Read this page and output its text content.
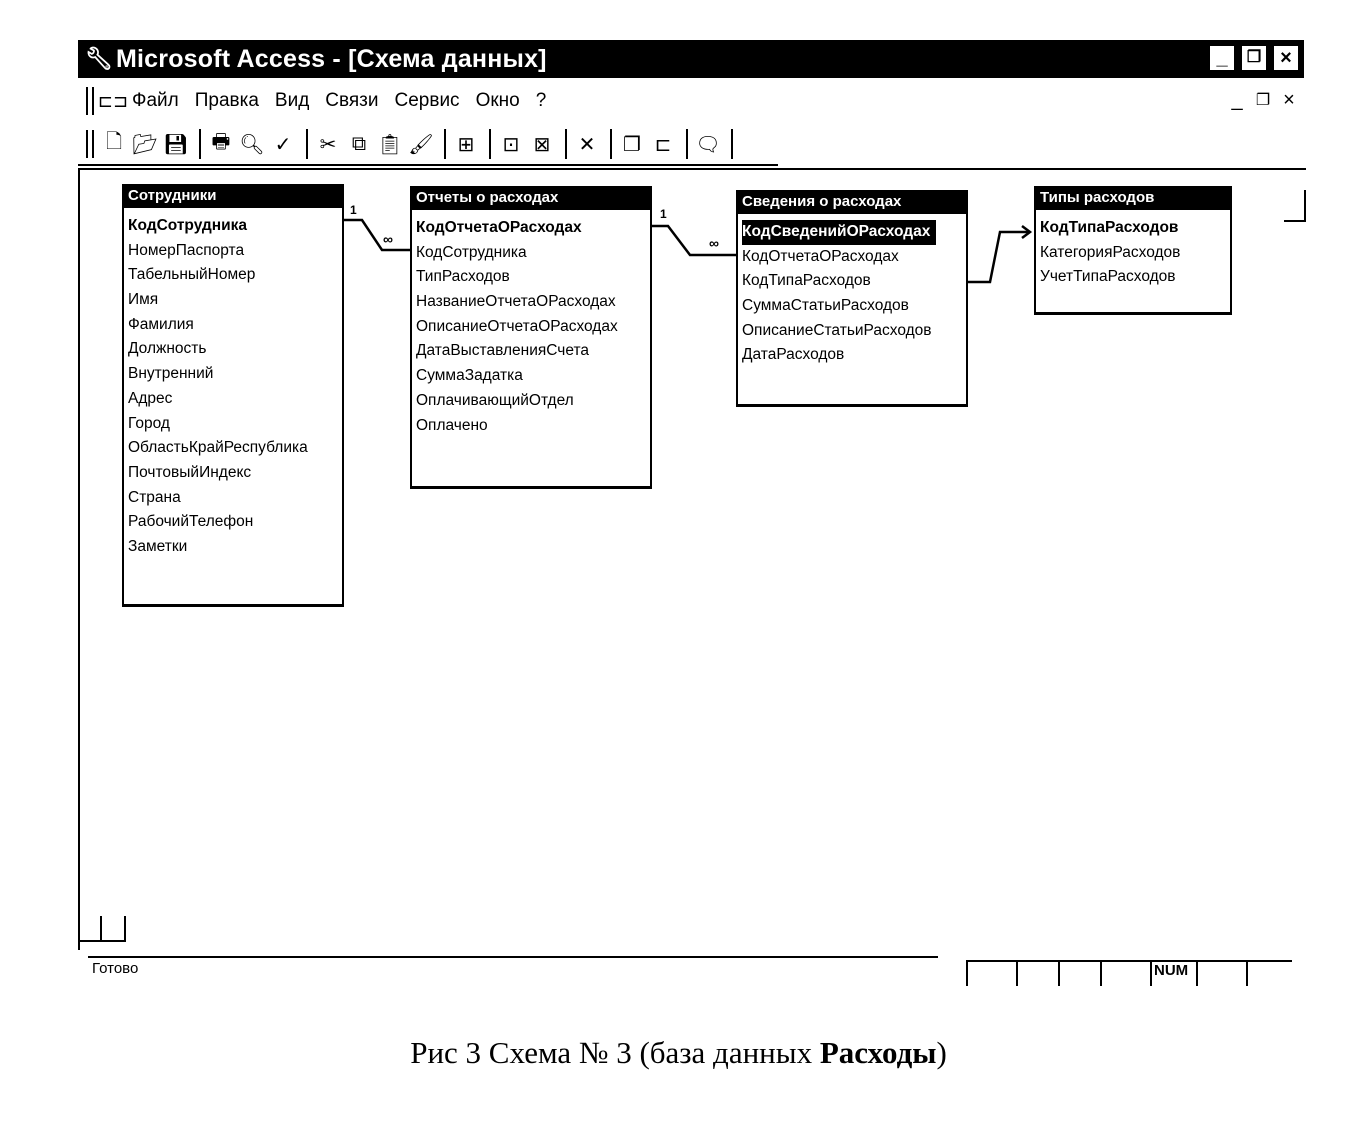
🔧︎ Microsoft Access - [Схема данных]	_	❐ ×
⊏⊐ Файл Правка Вид Связи Сервис Окно ?	_ ❐ ×
🗋 📂︎ 💾︎ 🖶 🔍︎ ✓ ✂ ⧉ 📋︎ 🖌︎ ⊞ ⊡ ⊠ ✕ ❐ ⊏ 🗨︎
Готово	NUM
1
∞
1
∞
Сотрудники
КодСотрудника
НомерПаспорта
ТабельныйНомер
Имя
Фамилия
Должность
Внутренний
Адрес
Город
ОбластьКрайРеспублика
ПочтовыйИндекс
Страна
РабочийТелефон
Заметки
Отчеты о расходах
КодОтчетаОРасходах
КодСотрудника
ТипРасходов
НазваниеОтчетаОРасходах
ОписаниеОтчетаОРасходах
ДатаВыставленияСчета
СуммаЗадатка
ОплачивающийОтдел
Оплачено
Сведения о расходах
КодСведенийОРасходах
КодОтчетаОРасходах
КодТипаРасходов
СуммаСтатьиРасходов
ОписаниеСтатьиРасходов
ДатаРасходов
Типы расходов
КодТипаРасходов
КатегорияРасходов
УчетТипаРасходов
Рис 3 Схема № 3 (база данных Расходы)
